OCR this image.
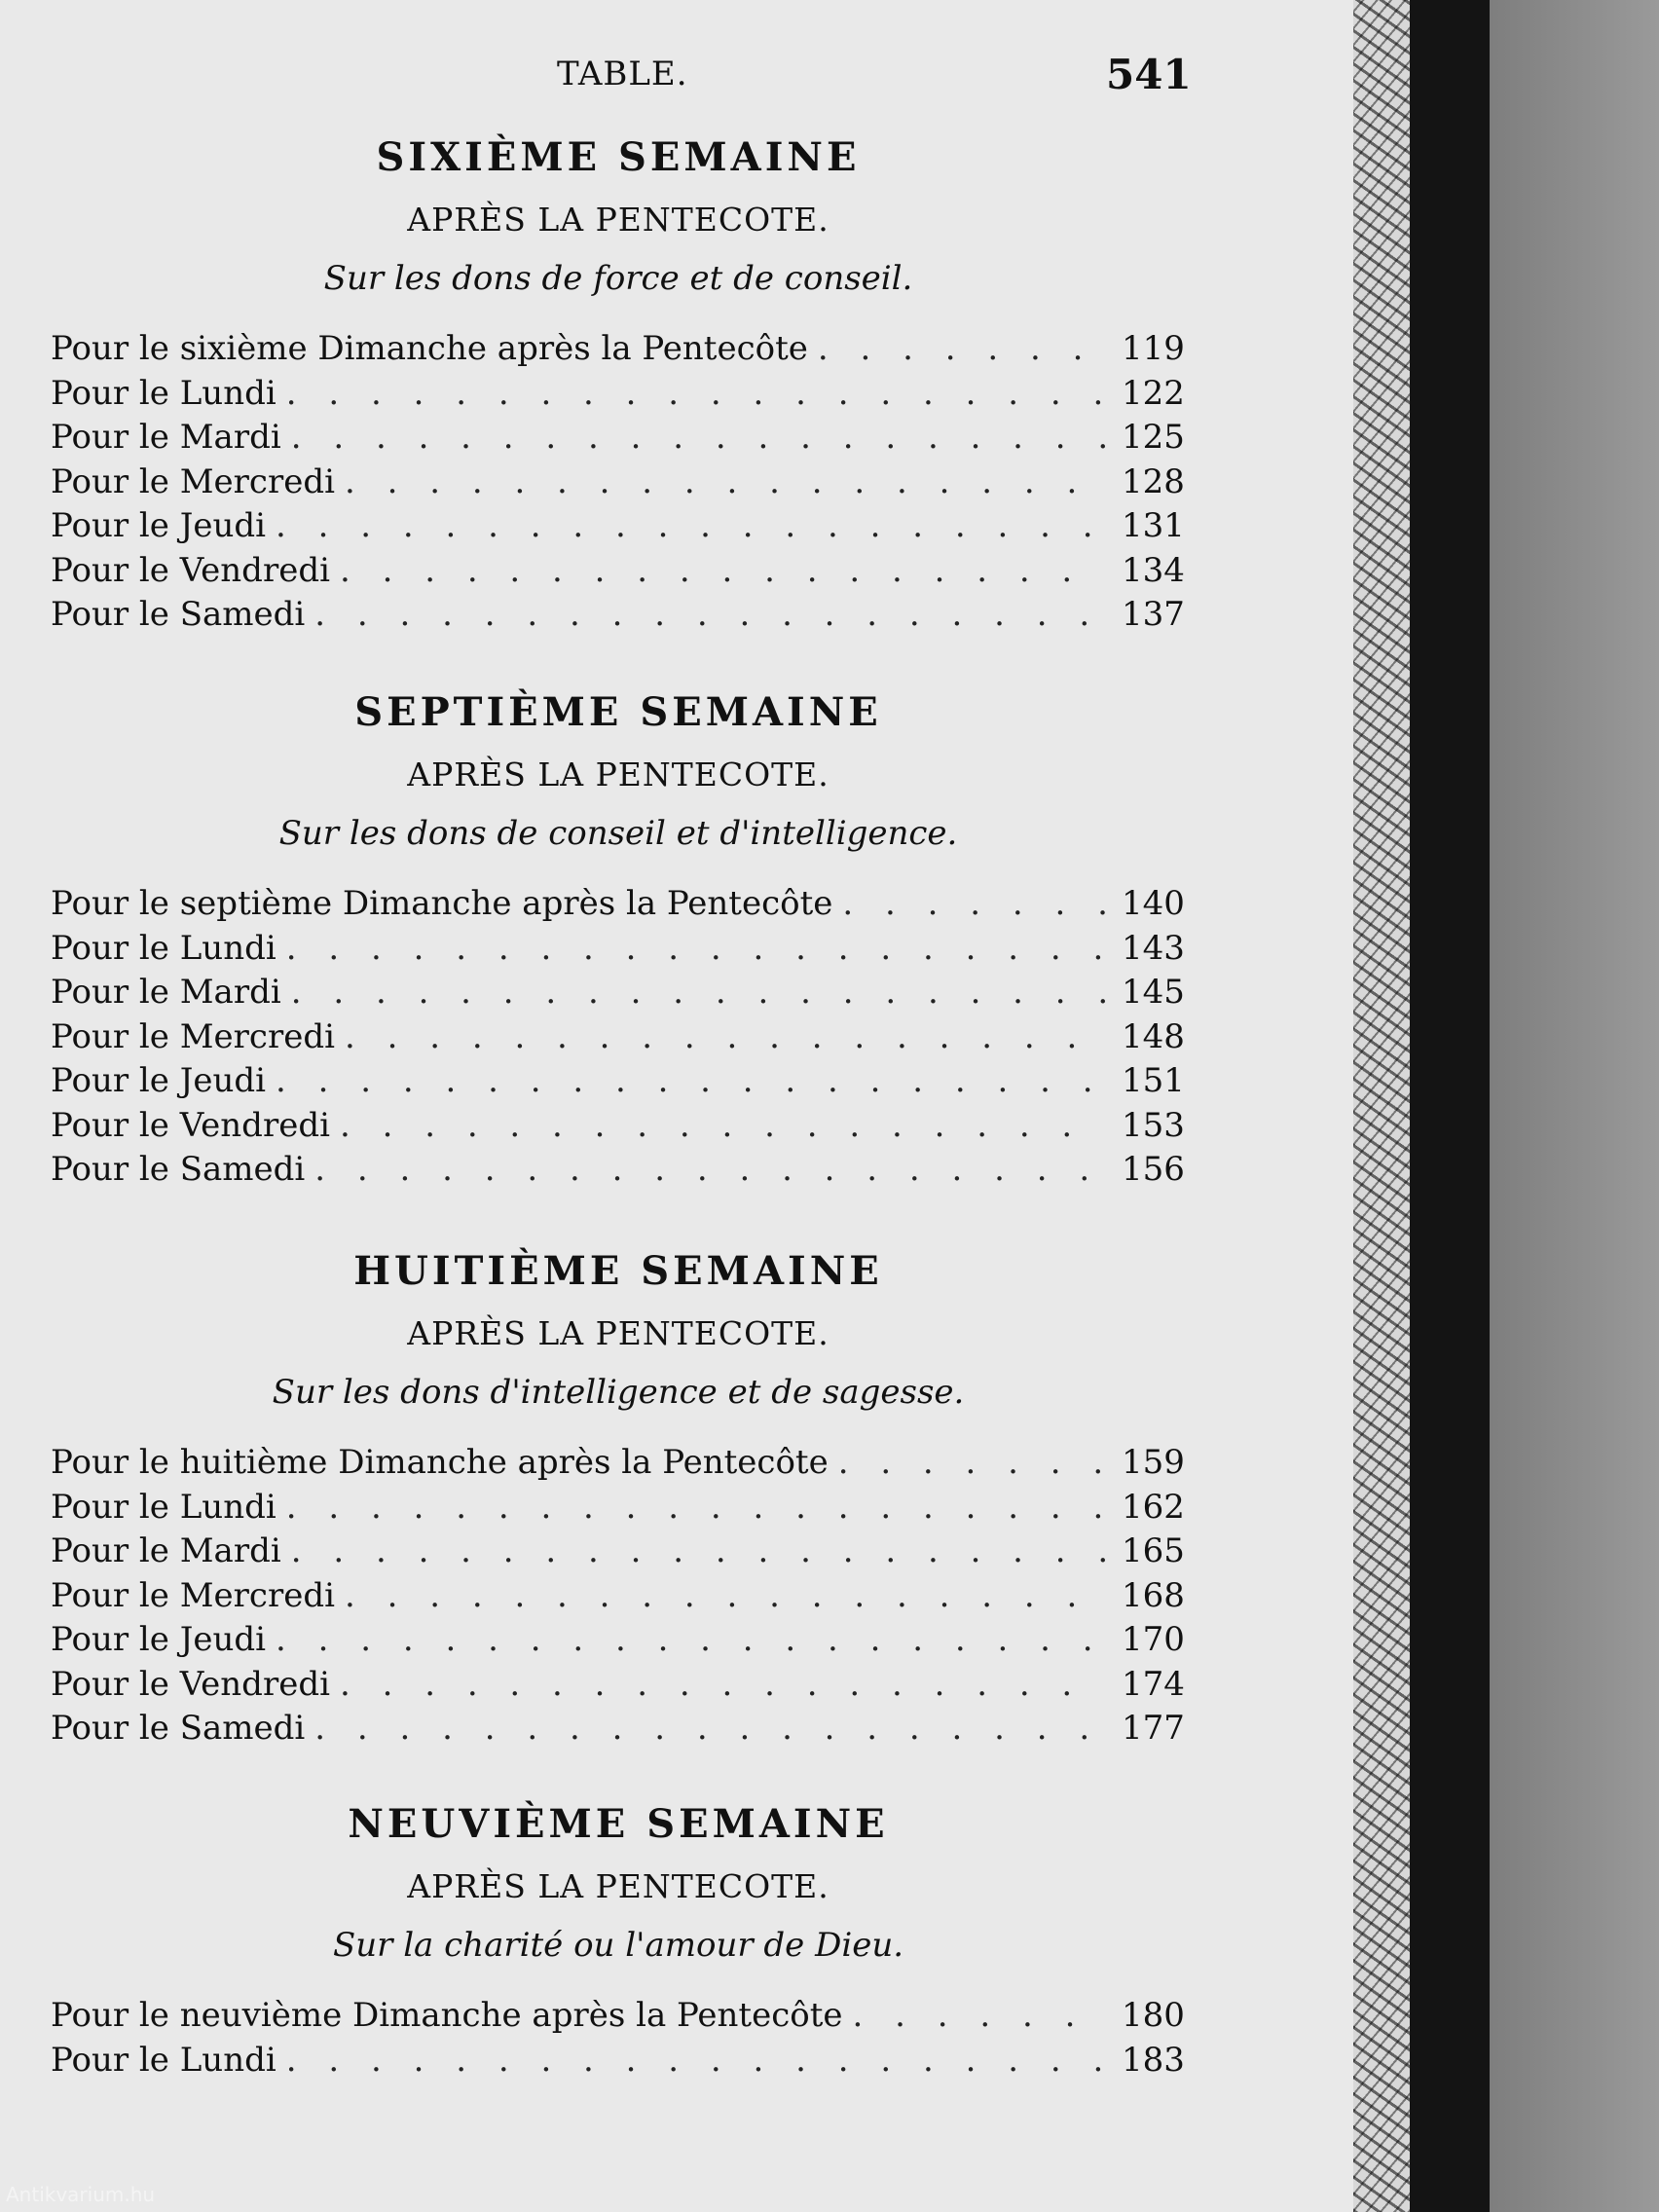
TABLE.	541
SIXIÈME SEMAINE
APRÈS LA PENTECOTE.
Sur les dons de force et de conseil.
Pour le sixième Dimanche après la Pentecôte . . .	119
Pour le Lundi . . .	122
Pour le Mardi . . .	125
Pour le Mercredi . . .	128
Pour le Jeudi . . .	131
Pour le Vendredi . . .	134
Pour le Samedi . . .	137
SEPTIÈME SEMAINE
APRÈS LA PENTECOTE.
Sur les dons de conseil et d'intelligence.
Pour le septième Dimanche après la Pentecôte . . .	140
Pour le Lundi . . .	143
Pour le Mardi . . .	145
Pour le Mercredi . . .	148
Pour le Jeudi . . .	151
Pour le Vendredi . . .	153
Pour le Samedi . . .	156
HUITIÈME SEMAINE
APRÈS LA PENTECOTE.
Sur les dons d'intelligence et de sagesse.
Pour le huitième Dimanche après la Pentecôte . . .	159
Pour le Lundi . . .	162
Pour le Mardi . . .	165
Pour le Mercredi . . .	168
Pour le Jeudi . . .	170
Pour le Vendredi . . .	174
Pour le Samedi . . .	177
NEUVIÈME SEMAINE
APRÈS LA PENTECOTE.
Sur la charité ou l'amour de Dieu.
Pour le neuvième Dimanche après la Pentecôte . . .	180
Pour le Lundi . . .	183
Antikvarium.hu
